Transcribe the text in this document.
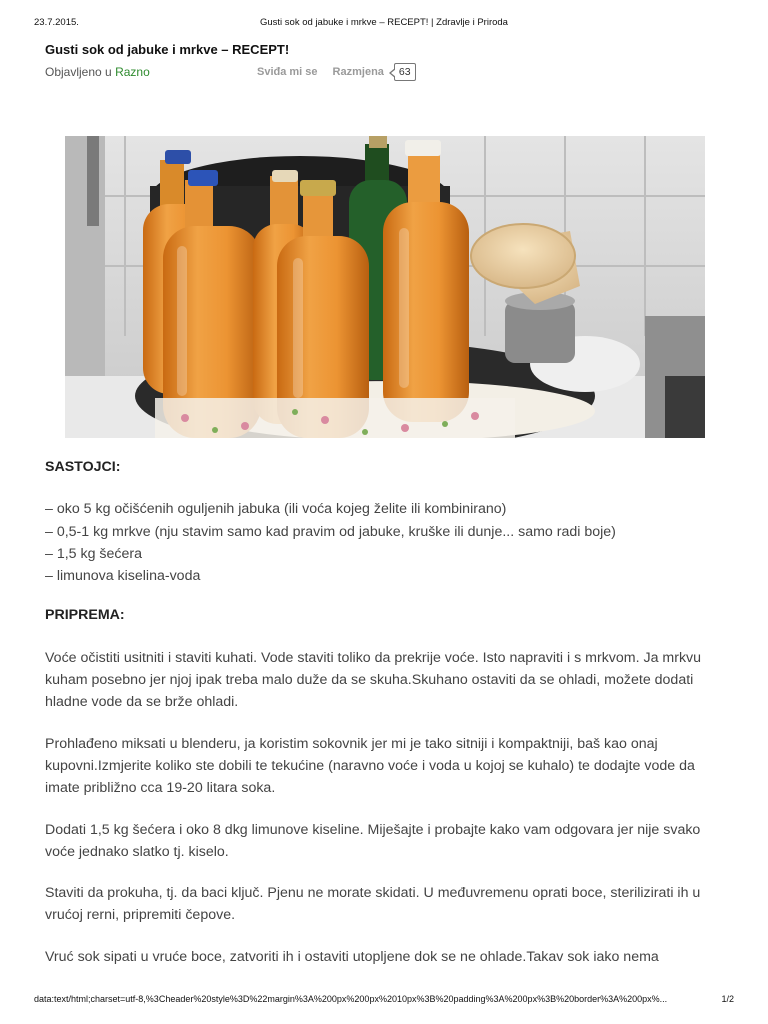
23.7.2015.	Gusti sok od jabuke i mrkve – RECEPT! | Zdravlje i Priroda
Gusti sok od jabuke i mrkve – RECEPT!
Objavljeno u Razno	Sviđa mi se Razmjena	63

SASTOJCI:

– oko 5 kg očišćenih oguljenih jabuka (ili voća kojeg želite ili kombinirano)

– 0,5-1 kg mrkve (nju stavim samo kad pravim od jabuke, kruške ili dunje... samo radi boje)

– 1,5 kg šećera

– limunova kiselina-voda

PRIPREMA:

Voće očistiti usitniti i staviti kuhati. Vode staviti toliko da prekrije voće. Isto napraviti i s mrkvom. Ja mrkvu kuham posebno jer njoj ipak treba malo duže da se skuha.Skuhano ostaviti da se ohladi, možete dodati hladne vode da se brže ohladi.

Prohlađeno miksati u blenderu, ja koristim sokovnik jer mi je tako sitniji i kompaktniji, baš kao onaj kupovni.Izmjerite koliko ste dobili te tekućine (naravno voće i voda u kojoj se kuhalo) te dodajte vode da imate približno cca 19-20 litara soka.

Dodati 1,5 kg šećera i oko 8 dkg limunove kiseline. Miješajte i probajte kako vam odgovara jer nije svako voće jednako slatko tj. kiselo.

Staviti da prokuha, tj. da baci ključ. Pjenu ne morate skidati. U međuvremenu oprati boce, sterilizirati ih u vrućoj rerni, pripremiti čepove.

Vruć sok sipati u vruće boce, zatvoriti ih i ostaviti utopljene dok se ne ohlade.Takav sok iako nema

data:text/html;charset=utf-8,%3Cheader%20style%3D%22margin%3A%200px%200px%2010px%3B%20padding%3A%200px%3B%20border%3A%200px%...	1/2
